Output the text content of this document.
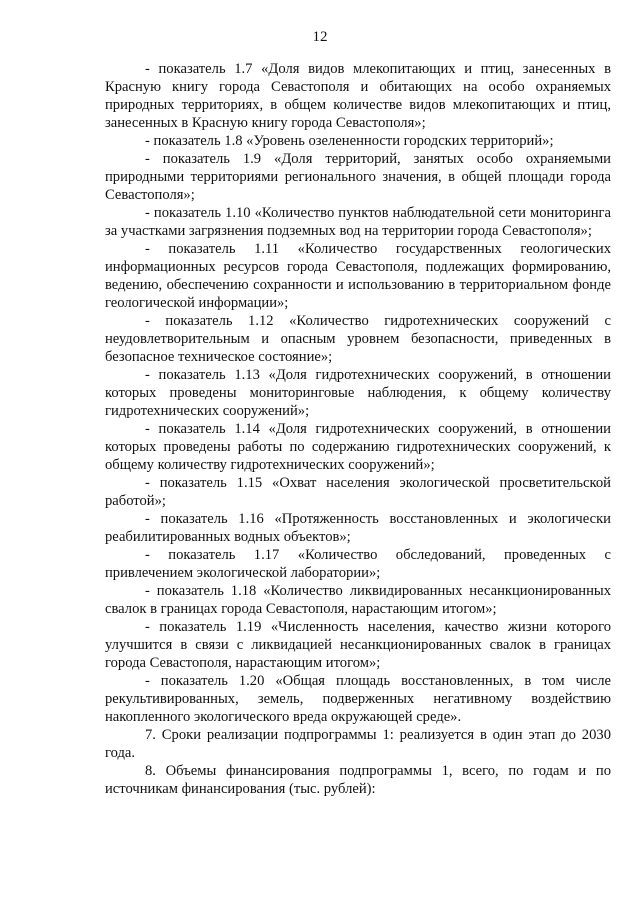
12

- показатель 1.7 «Доля видов млекопитающих и птиц, занесенных в Красную книгу города Севастополя и обитающих на особо охраняемых природных территориях, в общем количестве видов млекопитающих и птиц, занесенных в Красную книгу города Севастополя»;

- показатель 1.8 «Уровень озелененности городских территорий»;

- показатель 1.9 «Доля территорий, занятых особо охраняемыми природными территориями регионального значения, в общей площади города Севастополя»;

- показатель 1.10 «Количество пунктов наблюдательной сети мониторинга за участками загрязнения подземных вод на территории города Севастополя»;

- показатель 1.11 «Количество государственных геологических информационных ресурсов города Севастополя, подлежащих формированию, ведению, обеспечению сохранности и использованию в территориальном фонде геологической информации»;

- показатель 1.12 «Количество гидротехнических сооружений с неудовлетворительным и опасным уровнем безопасности, приведенных в безопасное техническое состояние»;

- показатель 1.13 «Доля гидротехнических сооружений, в отношении которых проведены мониторинговые наблюдения, к общему количеству гидротехнических сооружений»;

- показатель 1.14 «Доля гидротехнических сооружений, в отношении которых проведены работы по содержанию гидротехнических сооружений, к общему количеству гидротехнических сооружений»;

- показатель 1.15 «Охват населения экологической просветительской работой»;

- показатель 1.16 «Протяженность восстановленных и экологически реабилитированных водных объектов»;

- показатель 1.17 «Количество обследований, проведенных с привлечением экологической лаборатории»;

- показатель 1.18 «Количество ликвидированных несанкционированных свалок в границах города Севастополя, нарастающим итогом»;

- показатель 1.19 «Численность населения, качество жизни которого улучшится в связи с ликвидацией несанкционированных свалок в границах города Севастополя, нарастающим итогом»;

- показатель 1.20 «Общая площадь восстановленных, в том числе рекультивированных, земель, подверженных негативному воздействию накопленного экологического вреда окружающей среде».

7. Сроки реализации подпрограммы 1: реализуется в один этап до 2030 года.

8. Объемы финансирования подпрограммы 1, всего, по годам и по источникам финансирования (тыс. рублей):
